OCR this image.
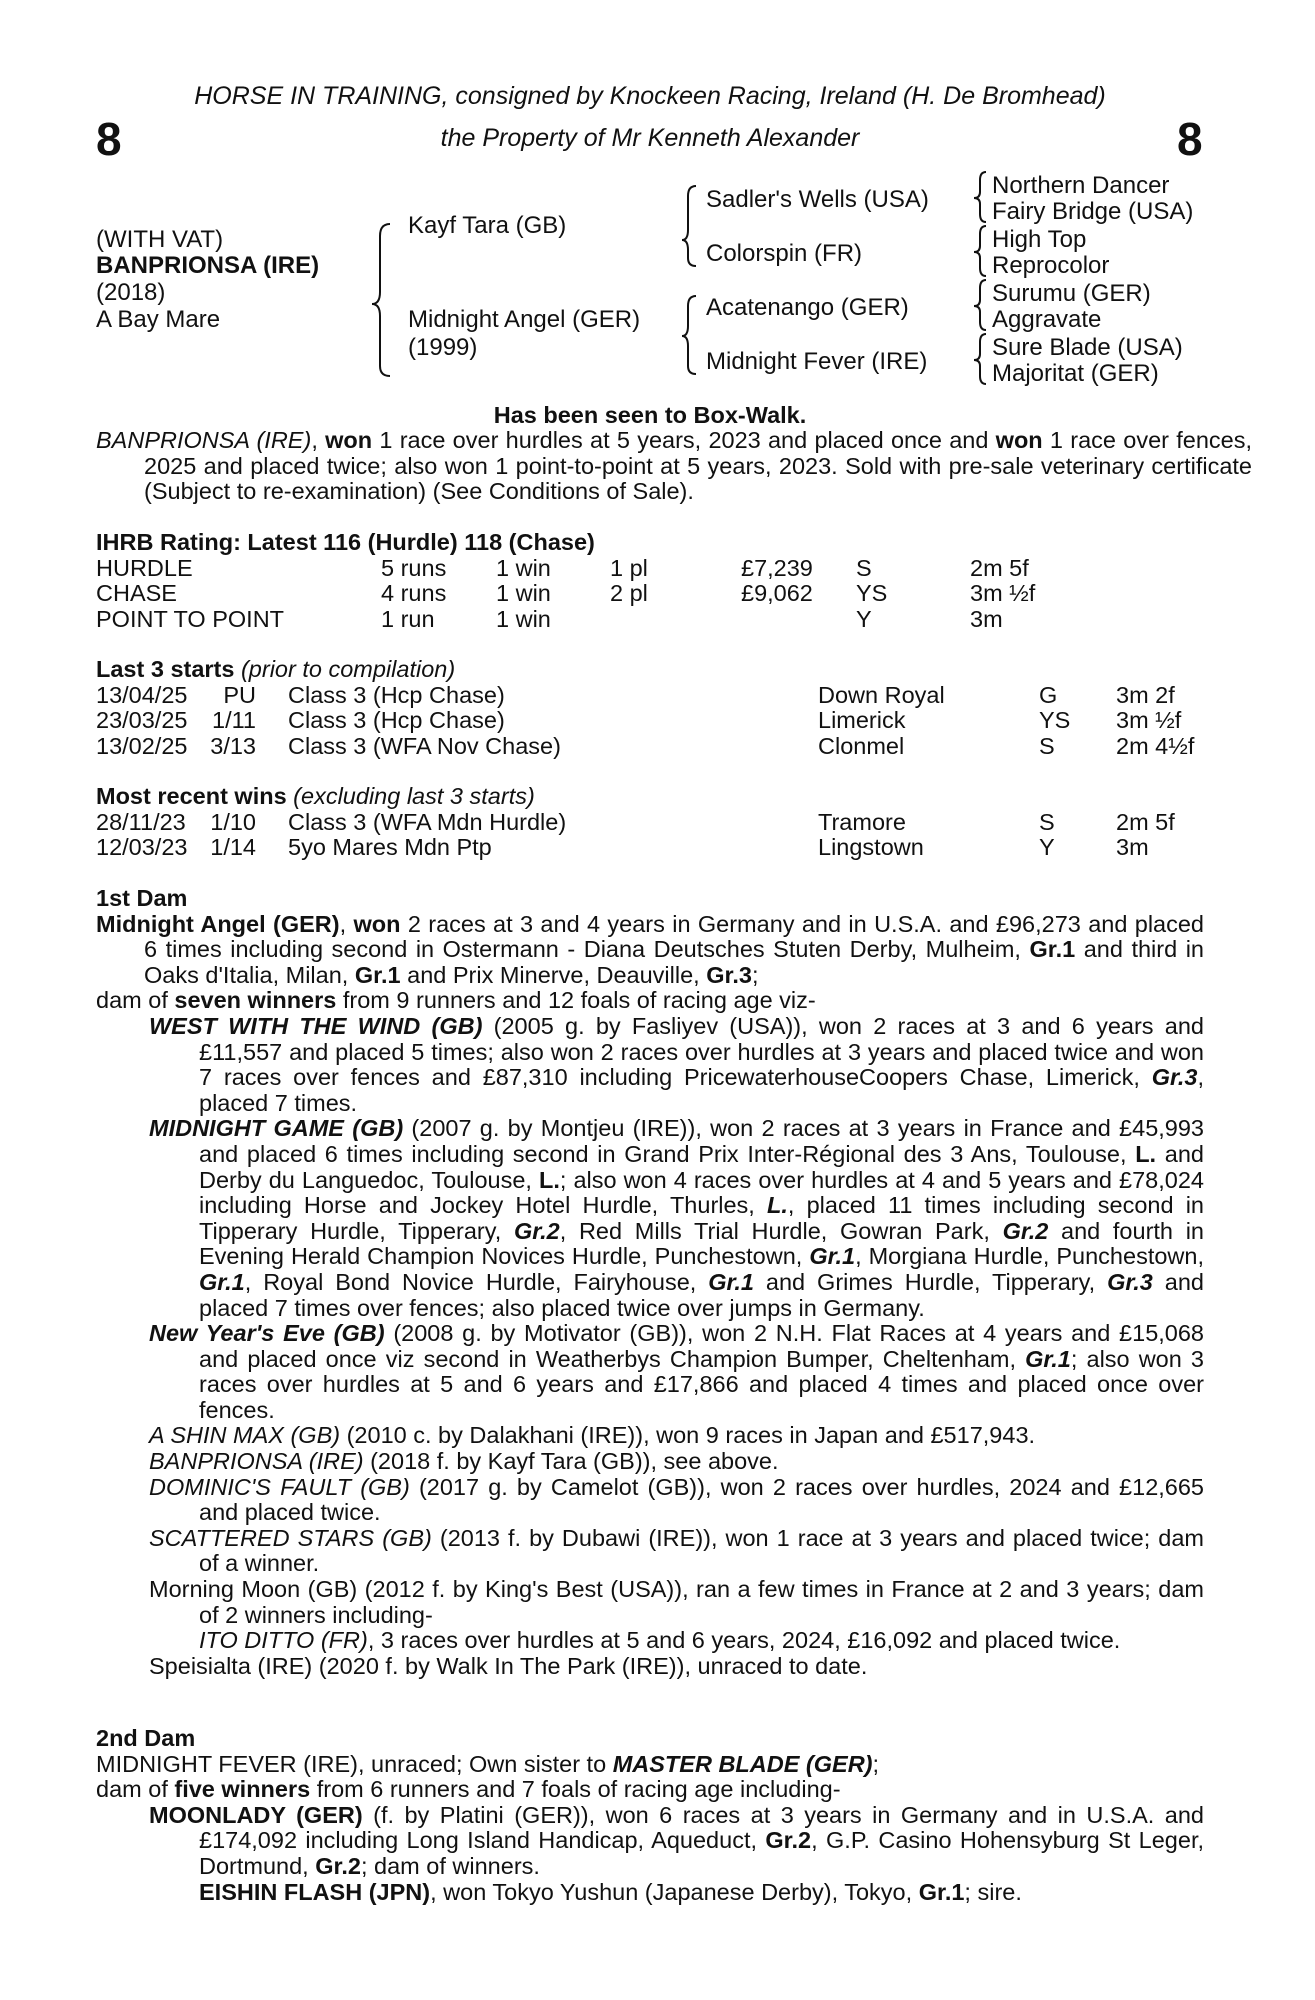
HORSE IN TRAINING, consigned by Knockeen Racing, Ireland (H. De Bromhead)
the Property of Mr Kenneth Alexander
8	8
(WITH VAT)
BANPRIONSA (IRE)
(2018)
A Bay Mare
Kayf Tara (GB)
Midnight Angel (GER)
(1999)
Sadler's Wells (USA)
Colorspin (FR)
Acatenango (GER)
Midnight Fever (IRE)
Northern Dancer
Fairy Bridge (USA)
High Top
Reprocolor
Surumu (GER)
Aggravate
Sure Blade (USA)
Majoritat (GER)
Has been seen to Box-Walk.
BANPRIONSA (IRE), won 1 race over hurdles at 5 years, 2023 and placed once and won 1 race over fences, 2025 and placed twice; also won 1 point-to-point at 5 years, 2023. Sold with pre-sale veterinary certificate (Subject to re-examination) (See Conditions of Sale).
IHRB Rating: Latest 116 (Hurdle) 118 (Chase)
HURDLE	5 runs 1 win	1 pl	£7,239 S	2m 5f
CHASE	4 runs 1 win	2 pl	£9,062 YS	3m ½f
POINT TO POINT	1 run	1 win	Y	3m
Last 3 starts (prior to compilation)
13/04/25	PU Class 3 (Hcp Chase)	Down Royal	G 3m 2f
23/03/25 1/11 Class 3 (Hcp Chase)	Limerick	YS 3m ½f
13/02/25 3/13 Class 3 (WFA Nov Chase)	Clonmel	S	2m 4½f
Most recent wins (excluding last 3 starts)
28/11/23 1/10 Class 3 (WFA Mdn Hurdle)	Tramore	S	2m 5f
12/03/23 1/14 5yo Mares Mdn Ptp	Lingstown	Y	3m
1st Dam
Midnight Angel (GER), won 2 races at 3 and 4 years in Germany and in U.S.A. and £96,273 and placed 6 times including second in Ostermann - Diana Deutsches Stuten Derby, Mulheim, Gr.1 and third in Oaks d'Italia, Milan, Gr.1 and Prix Minerve, Deauville, Gr.3;
dam of seven winners from 9 runners and 12 foals of racing age viz-
WEST WITH THE WIND (GB) (2005 g. by Fasliyev (USA)), won 2 races at 3 and 6 years and £11,557 and placed 5 times; also won 2 races over hurdles at 3 years and placed twice and won 7 races over fences and £87,310 including PricewaterhouseCoopers Chase, Limerick, Gr.3, placed 7 times.
MIDNIGHT GAME (GB) (2007 g. by Montjeu (IRE)), won 2 races at 3 years in France and £45,993 and placed 6 times including second in Grand Prix Inter-Régional des 3 Ans, Toulouse, L. and Derby du Languedoc, Toulouse, L.; also won 4 races over hurdles at 4 and 5 years and £78,024 including Horse and Jockey Hotel Hurdle, Thurles, L., placed 11 times including second in Tipperary Hurdle, Tipperary, Gr.2, Red Mills Trial Hurdle, Gowran Park, Gr.2 and fourth in Evening Herald Champion Novices Hurdle, Punchestown, Gr.1, Morgiana Hurdle, Punchestown, Gr.1, Royal Bond Novice Hurdle, Fairyhouse, Gr.1 and Grimes Hurdle, Tipperary, Gr.3 and placed 7 times over fences; also placed twice over jumps in Germany.
New Year's Eve (GB) (2008 g. by Motivator (GB)), won 2 N.H. Flat Races at 4 years and £15,068 and placed once viz second in Weatherbys Champion Bumper, Cheltenham, Gr.1; also won 3 races over hurdles at 5 and 6 years and £17,866 and placed 4 times and placed once over fences.
A SHIN MAX (GB) (2010 c. by Dalakhani (IRE)), won 9 races in Japan and £517,943.
BANPRIONSA (IRE) (2018 f. by Kayf Tara (GB)), see above.
DOMINIC'S FAULT (GB) (2017 g. by Camelot (GB)), won 2 races over hurdles, 2024 and £12,665 and placed twice.
SCATTERED STARS (GB) (2013 f. by Dubawi (IRE)), won 1 race at 3 years and placed twice; dam of a winner.
Morning Moon (GB) (2012 f. by King's Best (USA)), ran a few times in France at 2 and 3 years; dam of 2 winners including-
ITO DITTO (FR), 3 races over hurdles at 5 and 6 years, 2024, £16,092 and placed twice.
Speisialta (IRE) (2020 f. by Walk In The Park (IRE)), unraced to date.
2nd Dam
MIDNIGHT FEVER (IRE), unraced; Own sister to MASTER BLADE (GER);
dam of five winners from 6 runners and 7 foals of racing age including-
MOONLADY (GER) (f. by Platini (GER)), won 6 races at 3 years in Germany and in U.S.A. and £174,092 including Long Island Handicap, Aqueduct, Gr.2, G.P. Casino Hohensyburg St Leger, Dortmund, Gr.2; dam of winners.
EISHIN FLASH (JPN), won Tokyo Yushun (Japanese Derby), Tokyo, Gr.1; sire.
